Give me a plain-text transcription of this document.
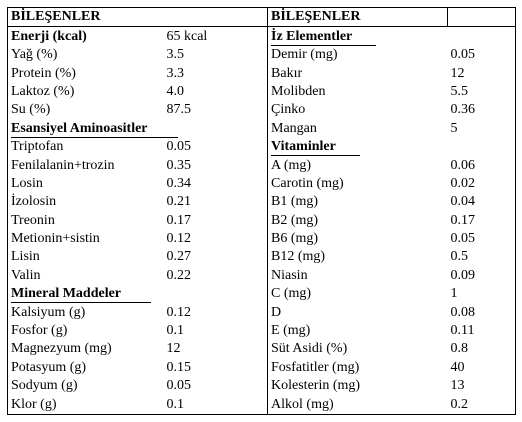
BİLEŞENLER		BİLEŞENLER	
Enerji (kcal)	65 kcal	İz Elementler	
Yağ (%)	3.5	Demir (mg)	0.05
Protein (%)	3.3	Bakır	12
Laktoz (%)	4.0	Molibden	5.5
Su (%)	87.5	Çinko	0.36
Esansiyel Aminoasitler		Mangan	5
Triptofan	0.05	Vitaminler	
Fenilalanin+trozin	0.35	A (mg)	0.06
Losin	0.34	Carotin (mg)	0.02
İzolosin	0.21	B1 (mg)	0.04
Treonin	0.17	B2 (mg)	0.17
Metionin+sistin	0.12	B6 (mg)	0.05
Lisin	0.27	B12 (mg)	0.5
Valin	0.22	Niasin	0.09
Mineral Maddeler		C (mg)	1
Kalsiyum (g)	0.12	D	0.08
Fosfor (g)	0.1	E (mg)	0.11
Magnezyum (mg)	12	Süt Asidi (%)	0.8
Potasyum (g)	0.15	Fosfatitler (mg)	40
Sodyum (g)	0.05	Kolesterin (mg)	13
Klor (g)	0.1	Alkol (mg)	0.2
